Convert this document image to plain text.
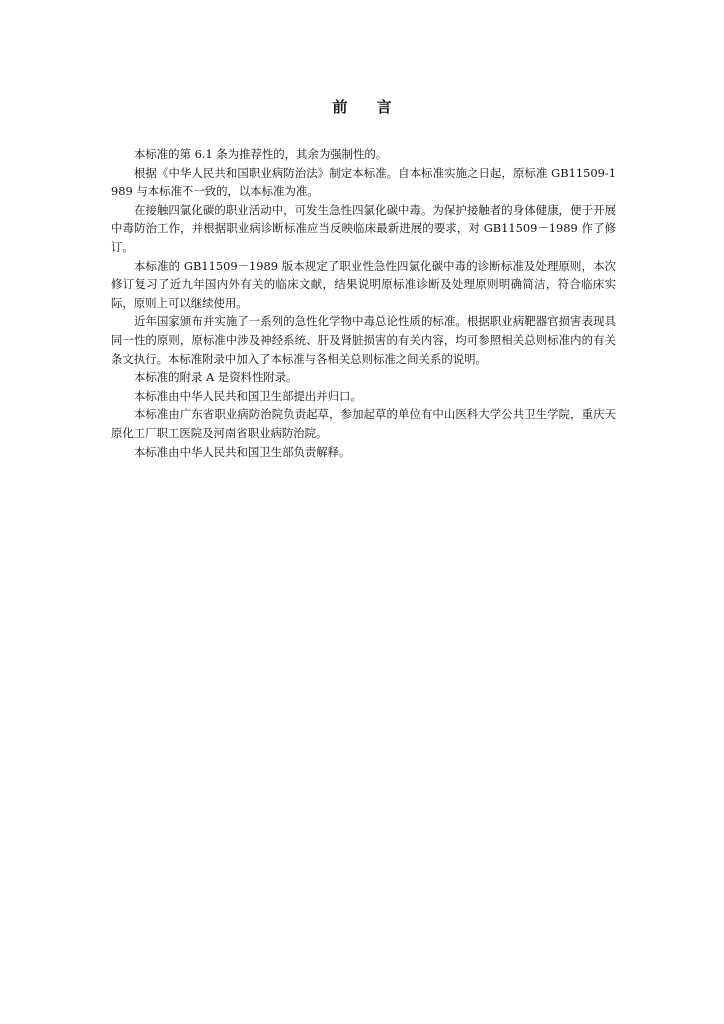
前 言

本标准的第 6.1 条为推荐性的，其余为强制性的。

根据《中华人民共和国职业病防治法》制定本标准。自本标准实施之日起，原标准 GB11509-1989 与本标准不一致的，以本标准为准。

在接触四氯化碳的职业活动中，可发生急性四氯化碳中毒。为保护接触者的身体健康，便于开展中毒防治工作，并根据职业病诊断标准应当反映临床最新进展的要求，对 GB11509－1989 作了修订。

本标准的 GB11509－1989 版本规定了职业性急性四氯化碳中毒的诊断标准及处理原则，本次修订复习了近九年国内外有关的临床文献，结果说明原标准诊断及处理原则明确简洁，符合临床实际，原则上可以继续使用。

近年国家颁布并实施了一系列的急性化学物中毒总论性质的标准。根据职业病靶器官损害表现具同一性的原则，原标准中涉及神经系统、肝及肾脏损害的有关内容，均可参照相关总则标准内的有关条文执行。本标准附录中加入了本标准与各相关总则标准之间关系的说明。

本标准的附录 A 是资料性附录。

本标准由中华人民共和国卫生部提出并归口。

本标准由广东省职业病防治院负责起草，参加起草的单位有中山医科大学公共卫生学院，重庆天原化工厂职工医院及河南省职业病防治院。

本标准由中华人民共和国卫生部负责解释。
